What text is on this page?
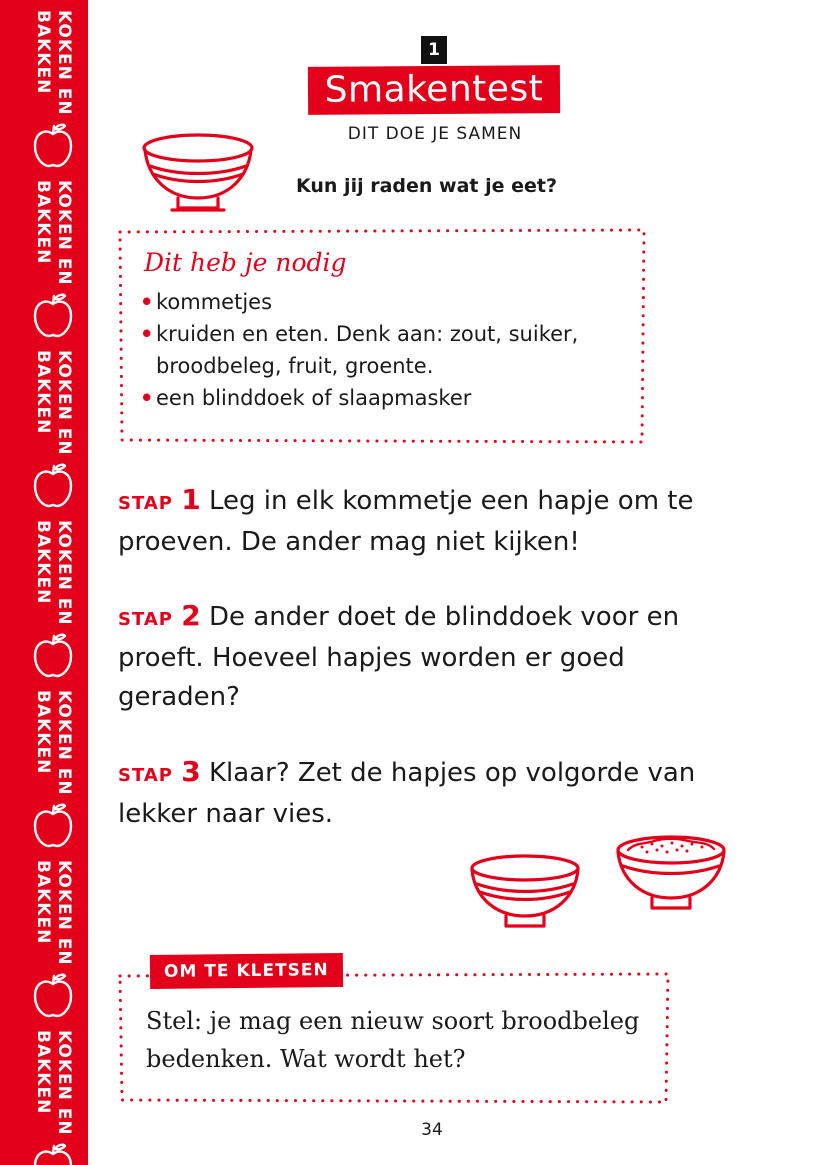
KOKEN EN
BAKKEN
KOKEN EN
BAKKEN
KOKEN EN
BAKKEN
KOKEN EN
BAKKEN
KOKEN EN
BAKKEN
KOKEN EN
BAKKEN
KOKEN EN
BAKKEN
1
Smakentest
DIT DOE JE SAMEN
Kun jij raden wat je eet?
Dit heb je nodig
• kommetjes
• kruiden en eten. Denk aan: zout, suiker, broodbeleg, fruit, groente.
• een blinddoek of slaapmasker
STAP 1 Leg in elk kommetje een hapje om te proeven. De ander mag niet kijken!
STAP 2 De ander doet de blinddoek voor en proeft. Hoeveel hapjes worden er goed geraden?
STAP 3 Klaar? Zet de hapjes op volgorde van lekker naar vies.
OM TE KLETSEN
Stel: je mag een nieuw soort broodbeleg bedenken. Wat wordt het?
34
